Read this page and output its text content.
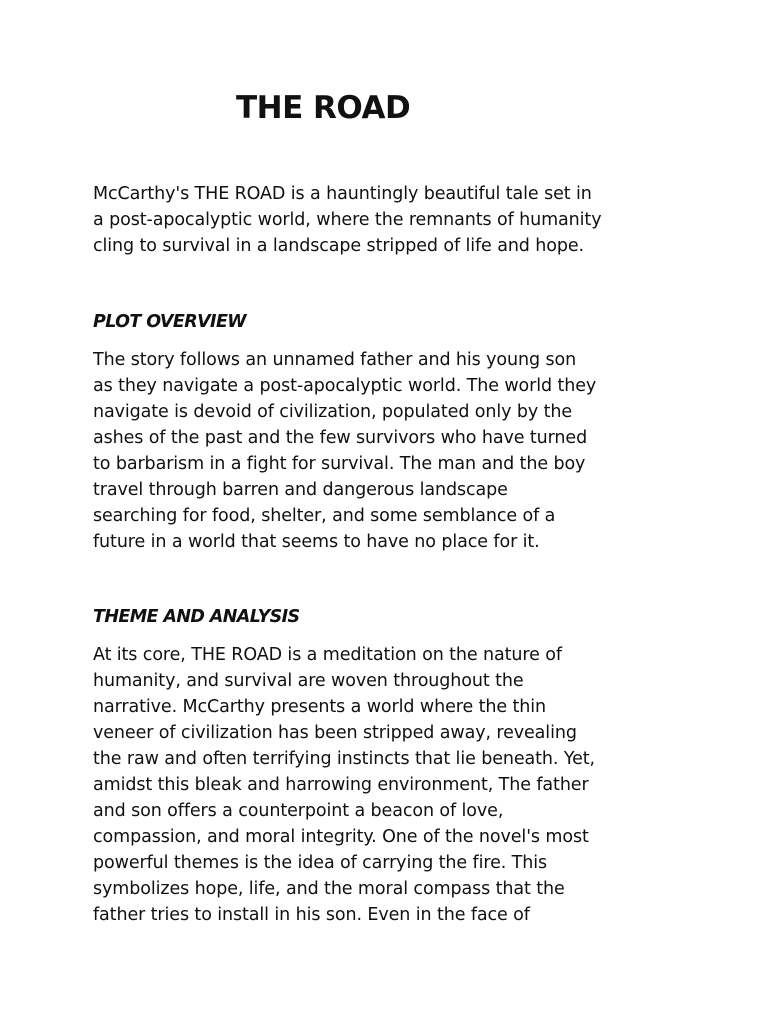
THE ROAD

McCarthy's THE ROAD is a hauntingly beautiful tale set in
a post-apocalyptic world, where the remnants of humanity
cling to survival in a landscape stripped of life and hope.

PLOT OVERVIEW

The story follows an unnamed father and his young son
as they navigate a post-apocalyptic world. The world they
navigate is devoid of civilization, populated only by the
ashes of the past and the few survivors who have turned
to barbarism in a fight for survival. The man and the boy
travel through barren and dangerous landscape
searching for food, shelter, and some semblance of a
future in a world that seems to have no place for it.

THEME AND ANALYSIS

At its core, THE ROAD is a meditation on the nature of
humanity, and survival are woven throughout the
narrative. McCarthy presents a world where the thin
veneer of civilization has been stripped away, revealing
the raw and often terrifying instincts that lie beneath. Yet,
amidst this bleak and harrowing environment, The father
and son offers a counterpoint a beacon of love,
compassion, and moral integrity. One of the novel's most
powerful themes is the idea of carrying the fire. This
symbolizes hope, life, and the moral compass that the
father tries to install in his son. Even in the face of
